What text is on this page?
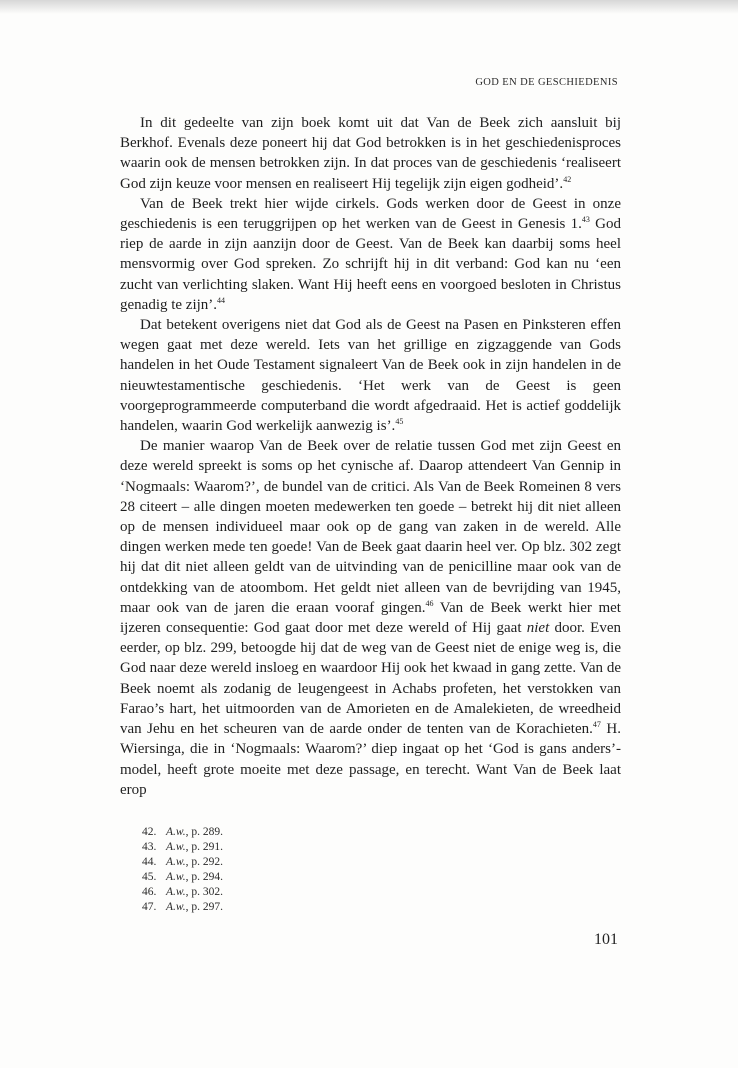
GOD EN DE GESCHIEDENIS

In dit gedeelte van zijn boek komt uit dat Van de Beek zich aansluit bij Berkhof. Evenals deze poneert hij dat God betrokken is in het geschiedenisproces waarin ook de mensen betrokken zijn. In dat proces van de geschiedenis ‘realiseert God zijn keuze voor mensen en realiseert Hij tegelijk zijn eigen godheid’.$^{42}$

Van de Beek trekt hier wijde cirkels. Gods werken door de Geest in onze geschiedenis is een teruggrijpen op het werken van de Geest in Genesis 1.43 God riep de aarde in zijn aanzijn door de Geest. Van de Beek kan daarbij soms heel mensvormig over God spreken. Zo schrijft hij in dit verband: God kan nu ‘een zucht van verlichting slaken. Want Hij heeft eens en voorgoed besloten in Christus genadig te zijn’.$^{44}$

Dat betekent overigens niet dat God als de Geest na Pasen en Pinksteren effen wegen gaat met deze wereld. Iets van het grillige en zigzaggende van Gods handelen in het Oude Testament signaleert Van de Beek ook in zijn handelen in de nieuwtestamentische geschiedenis. ‘Het werk van de Geest is geen voorgeprogrammeerde computerband die wordt afgedraaid. Het is actief goddelijk handelen, waarin God werkelijk aanwezig is’.$^{45}$

De manier waarop Van de Beek over de relatie tussen God met zijn Geest en deze wereld spreekt is soms op het cynische af. Daarop attendeert Van Gennip in ‘Nogmaals: Waarom?’, de bundel van de critici. Als Van de Beek Romeinen 8 vers 28 citeert – alle dingen moeten medewerken ten goede – betrekt hij dit niet alleen op de mensen individueel maar ook op de gang van zaken in de wereld. Alle dingen werken mede ten goede! Van de Beek gaat daarin heel ver. Op blz. 302 zegt hij dat dit niet alleen geldt van de uitvinding van de penicilline maar ook van de ontdekking van de atoombom. Het geldt niet alleen van de bevrijding van 1945, maar ook van de jaren die eraan vooraf gingen.$^{46}$ Van de Beek werkt hier met ijzeren consequentie: God gaat door met deze wereld of Hij gaat niet door. Even eerder, op blz. 299, betoogde hij dat de weg van de Geest niet de enige weg is, die God naar deze wereld insloeg en waardoor Hij ook het kwaad in gang zette. Van de Beek noemt als zodanig de leugengeest in Achabs profeten, het verstokken van Farao’s hart, het uitmoorden van de Amorieten en de Amalekieten, de wreedheid van Jehu en het scheuren van de aarde onder de tenten van de Korachieten.$^{47}$ H. Wiersinga, die in ‘Nogmaals: Waarom?’ diep ingaat op het ‘God is gans anders’-model, heeft grote moeite met deze passage, en terecht. Want Van de Beek laat erop

42. A.w. , p. 289.
43. A.w. , p. 291.
44. A.w. , p. 292.
45. A.w. , p. 294.
46. A.w. , p. 302.
47. A.w. , p. 297.
101
